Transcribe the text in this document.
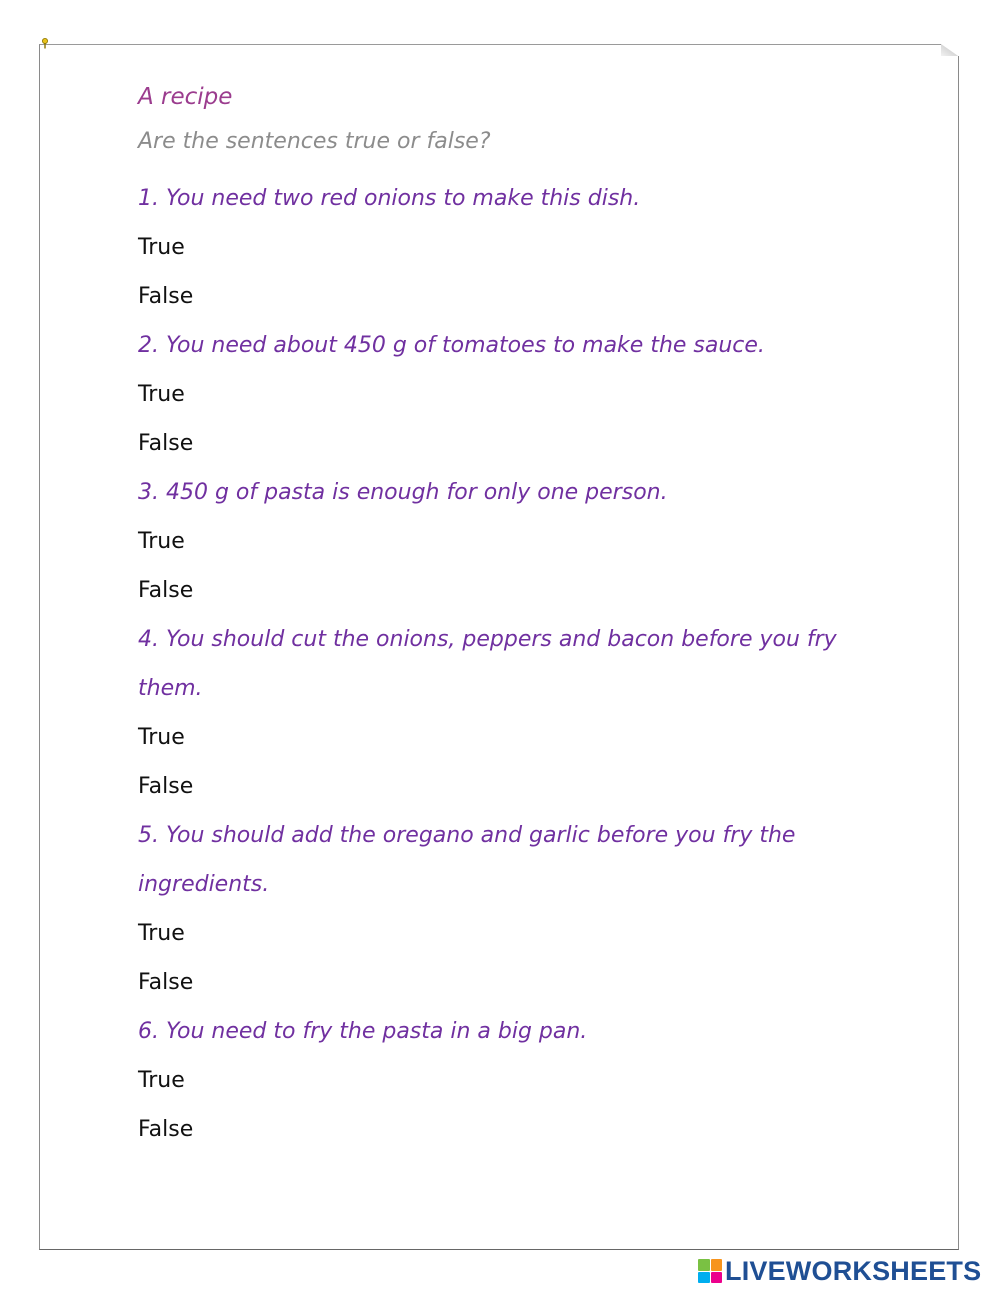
A recipe
Are the sentences true or false?
1. You need two red onions to make this dish.
True
False
2. You need about 450 g of tomatoes to make the sauce.
True
False
3. 450 g of pasta is enough for only one person.
True
False
4. You should cut the onions, peppers and bacon before you fry them.
True
False
5. You should add the oregano and garlic before you fry the ingredients.
True
False
6. You need to fry the pasta in a big pan.
True
False
LIVEWORKSHEETS
